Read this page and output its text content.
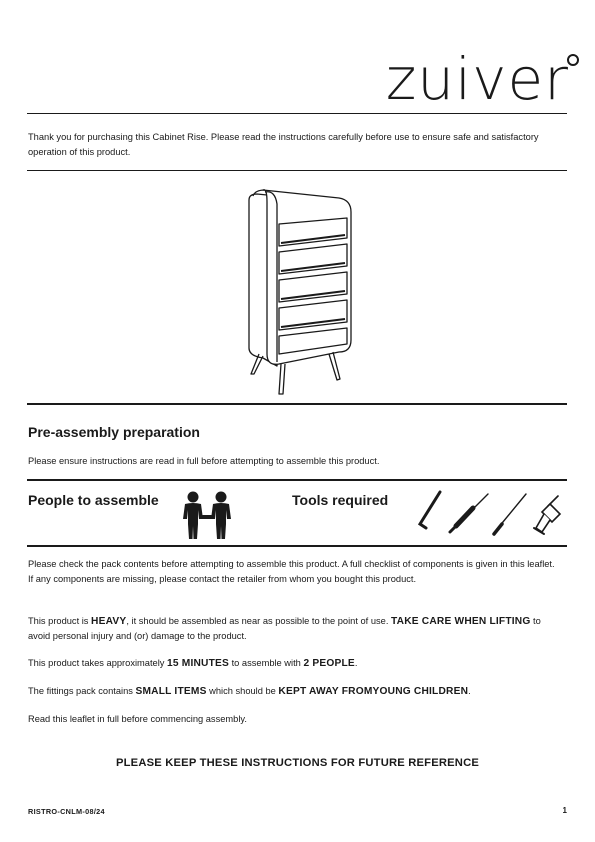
zuiver

Thank you for purchasing this Cabinet Rise. Please read the instructions carefully before use to ensure safe and satisfactory operation of this product.

Pre-assembly preparation

Please ensure instructions are read in full before attempting to assemble this product.

People to assemble	Tools required

Please check the pack contents before attempting to assemble this product. A full checklist of components is given in this leaflet. If any components are missing, please contact the retailer from whom you bought this product.

This product is HEAVY, it should be assembled as near as possible to the point of use. TAKE CARE WHEN LIFTING to avoid personal injury and (or) damage to the product.

This product takes approximately 15 MINUTES to assemble with 2 PEOPLE.

The fittings pack contains SMALL ITEMS which should be KEPT AWAY FROMYOUNG CHILDREN.

Read this leaflet in full before commencing assembly.

PLEASE KEEP THESE INSTRUCTIONS FOR FUTURE REFERENCE
RISTRO-CNLM-08/24	1
